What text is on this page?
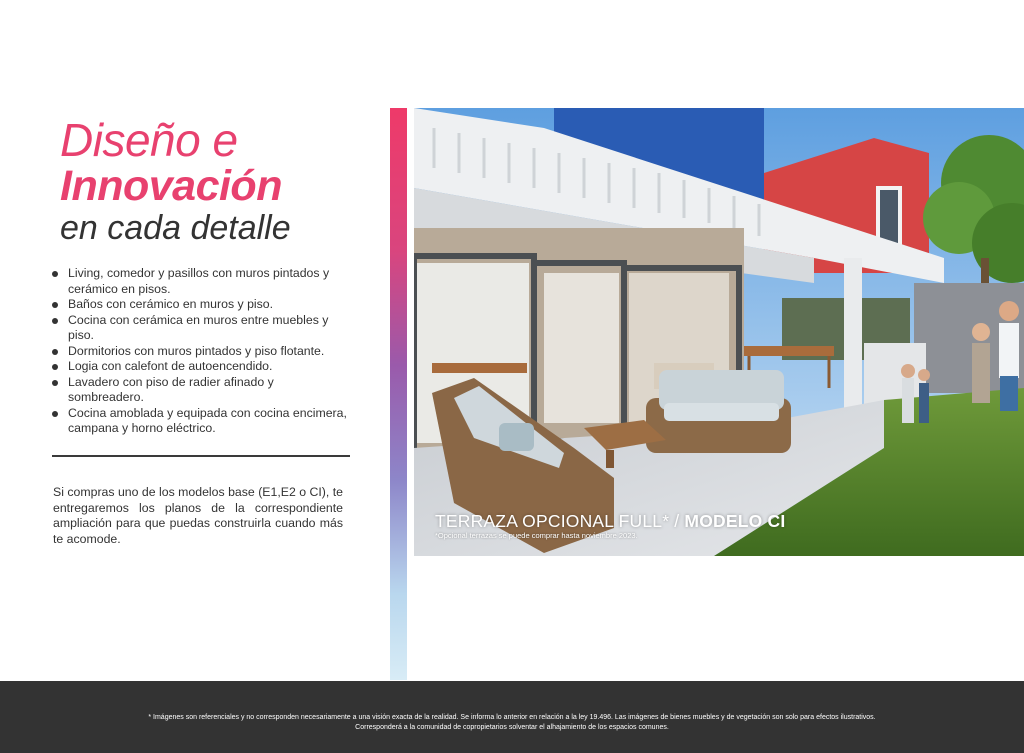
Diseño e
Innovación
en cada detalle
Living, comedor y pasillos con muros pintados y cerámico en pisos.
Baños con cerámico en muros y piso.
Cocina con cerámica en muros entre muebles y piso.
Dormitorios con muros pintados y piso flotante.
Logia con calefont de autoencendido.
Lavadero con piso de radier afinado y sombreadero.
Cocina amoblada y equipada con cocina encimera, campana y horno eléctrico.
Si compras uno de los modelos base (E1,E2 o CI), te entregaremos los planos de la correspondiente ampliación para que puedas construirla cuando más te acomode.
TERRAZA OPCIONAL FULL* / MODELO CI
*Opcional terrazas se puede comprar hasta noviembre 2023.
* Imágenes son referenciales y no corresponden necesariamente a una visión exacta de la realidad. Se informa lo anterior en relación a la ley 19.496. Las imágenes de bienes muebles y de vegetación son solo para efectos ilustrativos.
Corresponderá a la comunidad de copropietarios solventar el alhajamiento de los espacios comunes.
